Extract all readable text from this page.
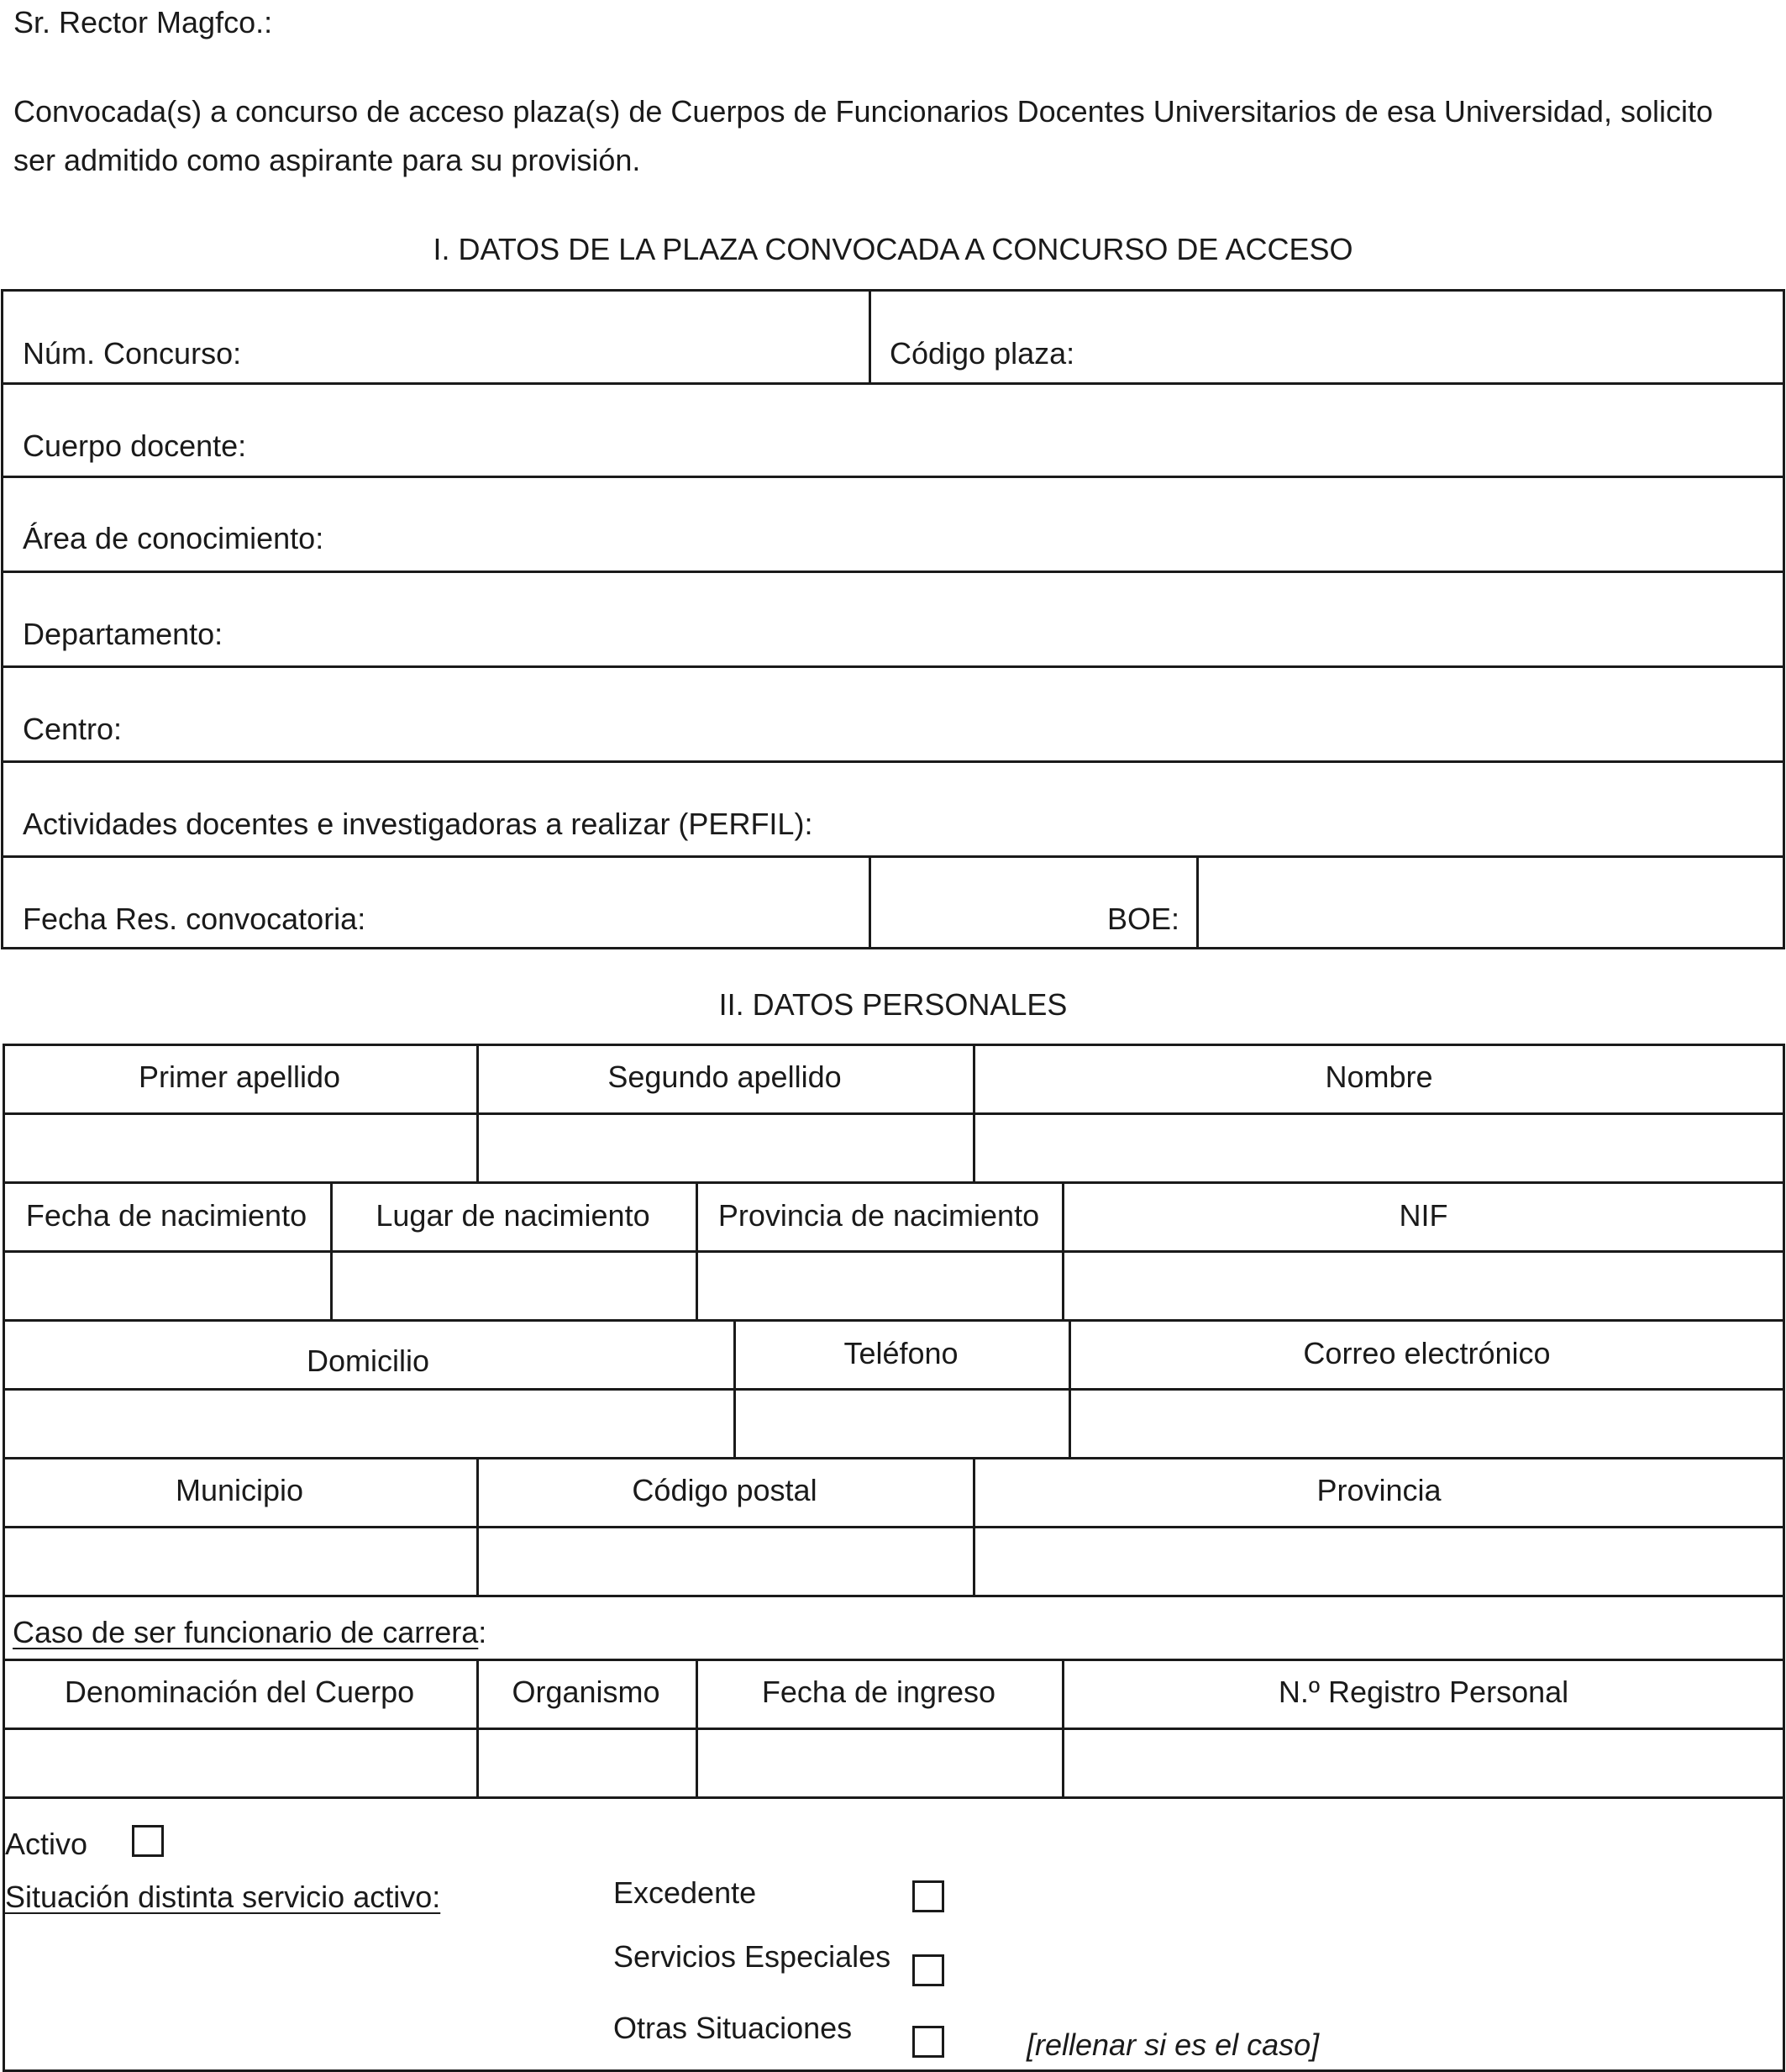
Sr. Rector Magfco.:
Convocada(s) a concurso de acceso plaza(s) de Cuerpos de Funcionarios Docentes Universitarios de esa Universidad, solicito
ser admitido como aspirante para su provisión.
I. DATOS DE LA PLAZA CONVOCADA A CONCURSO DE ACCESO
Núm. Concurso:	Código plaza:
Cuerpo docente:
Área de conocimiento:
Departamento:
Centro:
Actividades docentes e investigadoras a realizar (PERFIL):
Fecha Res. convocatoria:	BOE:
II. DATOS PERSONALES
Primer apellido	Segundo apellido	Nombre
Fecha de nacimiento	Lugar de nacimiento	Provincia de nacimiento	NIF
Domicilio	Teléfono	Correo electrónico
Municipio	Código postal	Provincia
Caso de ser funcionario de carrera:
Denominación del Cuerpo	Organismo	Fecha de ingreso	N.º Registro Personal
Activo
Situación distinta servicio activo:	Excedente
Servicios Especiales
Otras Situaciones	[rellenar si es el caso]
